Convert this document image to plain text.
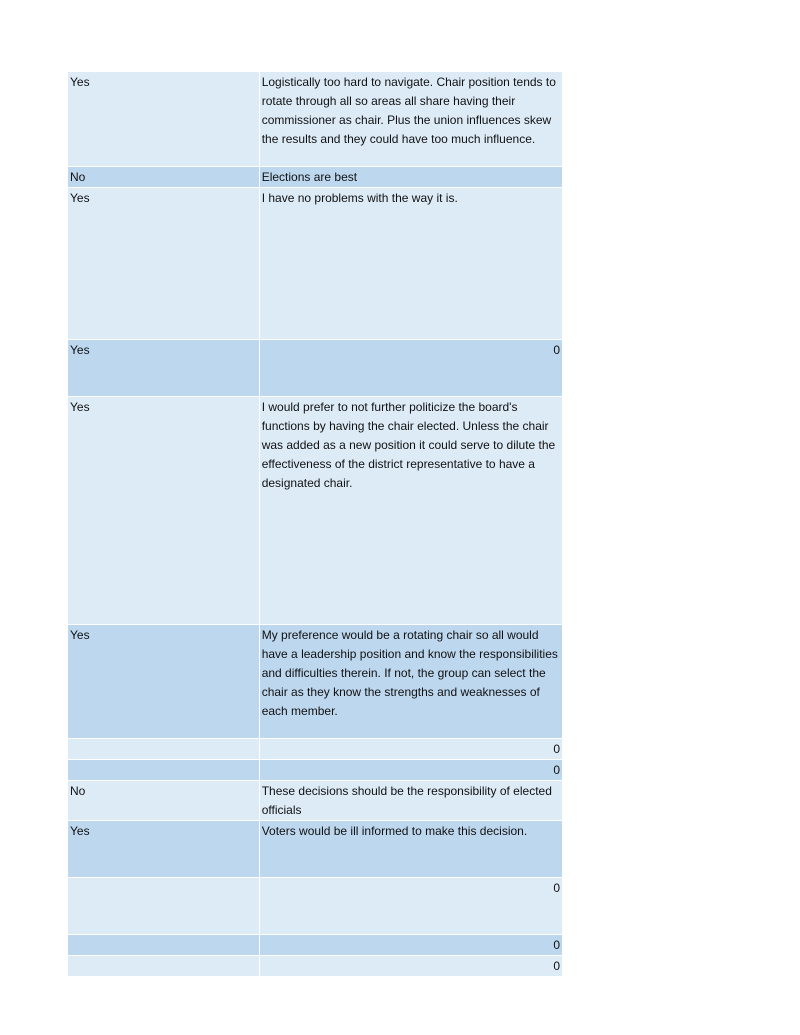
Yes	Logistically too hard to navigate. Chair position tends to rotate through all so areas all share having their commissioner as chair. Plus the union influences skew the results and they could have too much influence.
No	Elections are best
Yes	I have no problems with the way it is.
Yes	0
Yes	I would prefer to not further politicize the board's functions by having the chair elected. Unless the chair was added as a new position it could serve to dilute the effectiveness of the district representative to have a designated chair.
Yes	My preference would be a rotating chair so all would have a leadership position and know the responsibilities and difficulties therein. If not, the group can select the chair as they know the strengths and weaknesses of each member.
	0
	0
No	These decisions should be the responsibility of elected officials
Yes	Voters would be ill informed to make this decision.
	0
	0
	0
